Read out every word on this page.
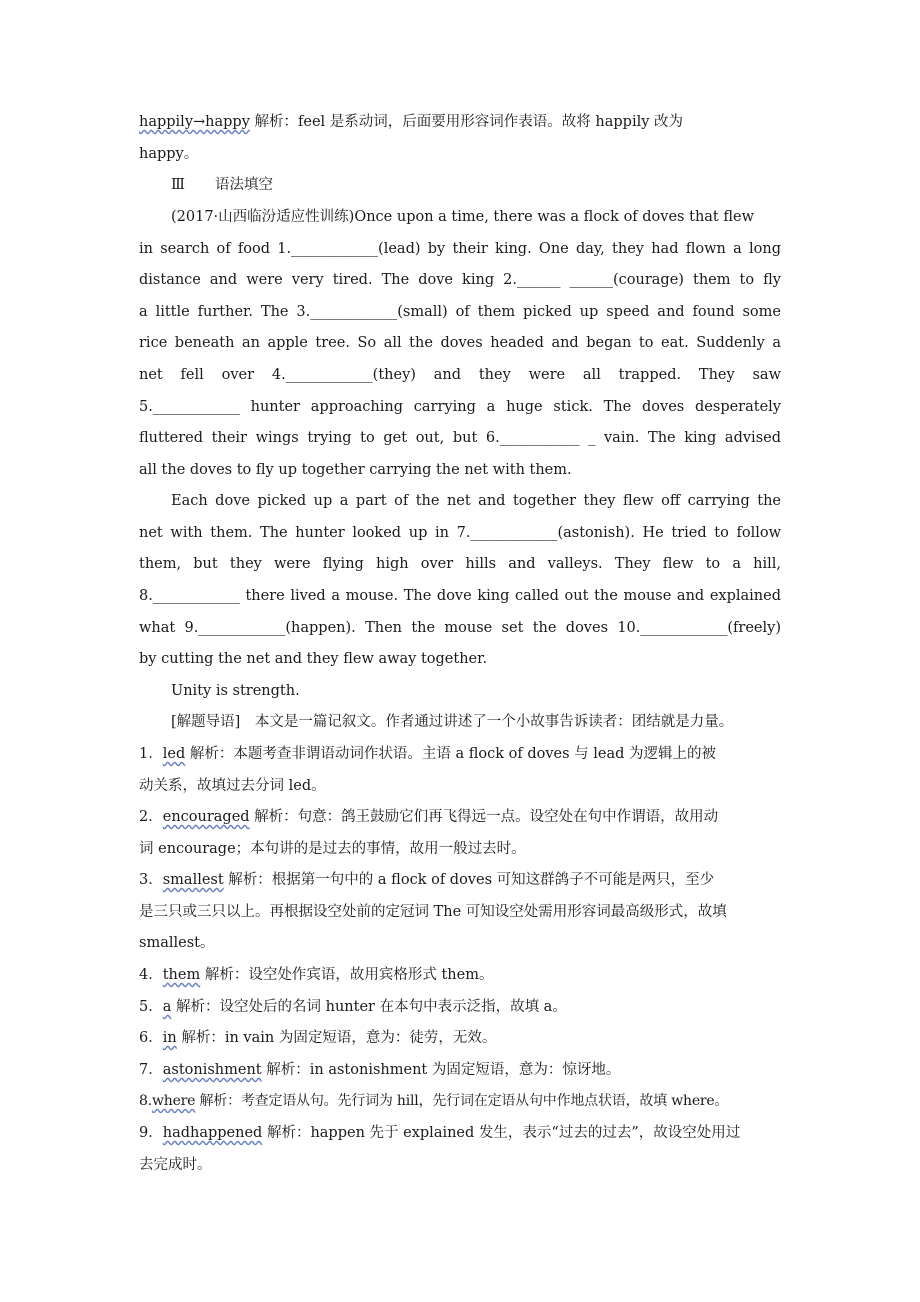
happily→happy 解析：feel 是系动词，后面要用形容词作表语。故将 happily 改为
happy。
Ⅲ 语法填空
(2017·山西临汾适应性训练)Once upon a time, there was a flock of doves that flew
in search of food 1.____________(lead) by their king. One day, they had flown a long
distance and were very tired. The dove king 2.______ ______(courage) them to fly
a little further. The 3.____________(small) of them picked up speed and found some
rice beneath an apple tree. So all the doves headed and began to eat. Suddenly a
net fell over 4.____________(they) and they were all trapped. They saw
5.____________ hunter approaching carrying a huge stick. The doves desperately
fluttered their wings trying to get out, but 6.___________ _ vain. The king advised
all the doves to fly up together carrying the net with them.
Each dove picked up a part of the net and together they flew off carrying the
net with them. The hunter looked up in 7.____________(astonish). He tried to follow
them, but they were flying high over hills and valleys. They flew to a hill,
8.____________ there lived a mouse. The dove king called out the mouse and explained
what 9.____________(happen). Then the mouse set the doves 10.____________(freely)
by cutting the net and they flew away together.
Unity is strength.
[解题导语]　本文是一篇记叙文。作者通过讲述了一个小故事告诉读者：团结就是力量。
1．led 解析：本题考查非谓语动词作状语。主语 a flock of doves 与 lead 为逻辑上的被
动关系，故填过去分词 led。
2．encouraged 解析：句意：鸽王鼓励它们再飞得远一点。设空处在句中作谓语，故用动
词 encourage；本句讲的是过去的事情，故用一般过去时。
3．smallest 解析：根据第一句中的 a flock of doves 可知这群鸽子不可能是两只，至少
是三只或三只以上。再根据设空处前的定冠词 The 可知设空处需用形容词最高级形式，故填
smallest。
4．them 解析：设空处作宾语，故用宾格形式 them。
5．a 解析：设空处后的名词 hunter 在本句中表示泛指，故填 a。
6．in 解析：in vain 为固定短语，意为：徒劳，无效。
7．astonishment 解析：in astonishment 为固定短语，意为：惊讶地。
8.where 解析：考查定语从句。先行词为 hill，先行词在定语从句中作地点状语，故填 where。
9．hadhappened 解析：happen 先于 explained 发生，表示“过去的过去”，故设空处用过
去完成时。
